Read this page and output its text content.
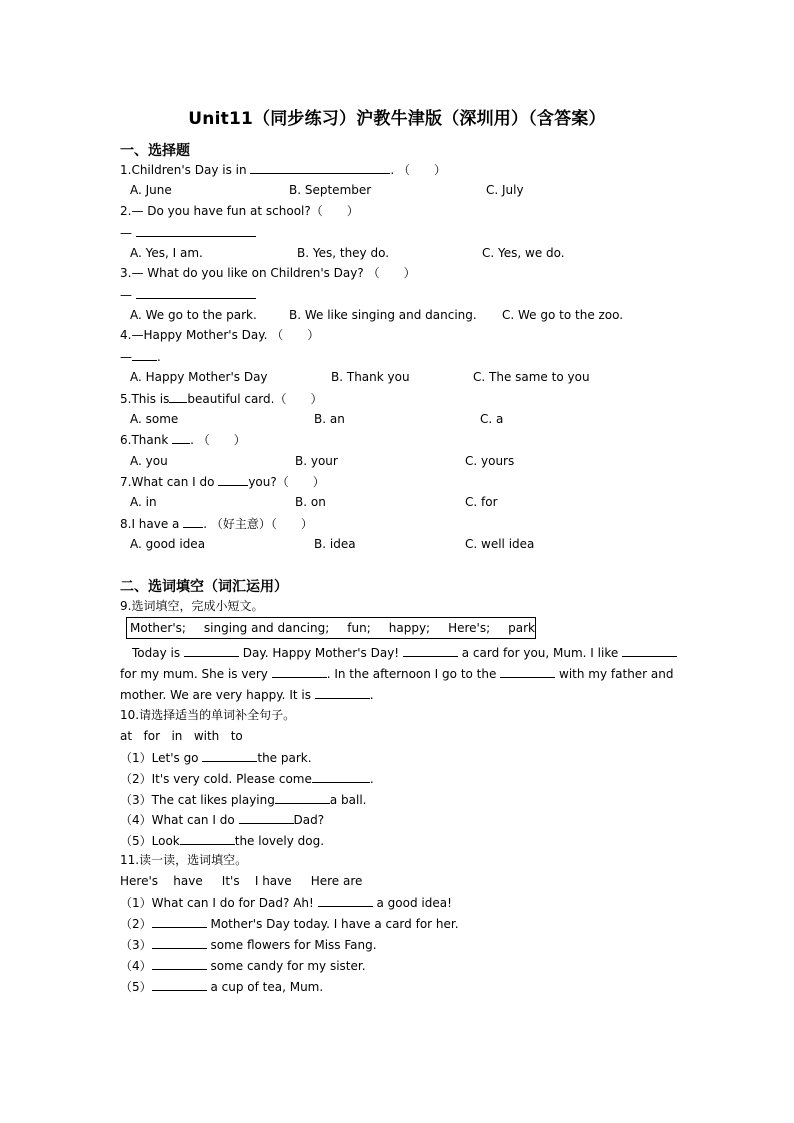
Unit11（同步练习）沪教牛津版（深圳用）（含答案）
一、选择题
1.Children's Day is in	. （　　）
A. June	B. September	C. July
2.— Do you have fun at school?（　　）
—
A. Yes, I am.	B. Yes, they do.	C. Yes, we do.
3.— What do you like on Children's Day? （　　）
—
A. We go to the park.	B. We like singing and dancing. C. We go to the zoo.
4.—Happy Mother's Day. （　　）
— .
A. Happy Mother's Day	B. Thank you	C. The same to you
5.This is beautiful card.（　　）
A. some	B. an	C. a
6.Thank . （　　）
A. you	B. your	C. yours
7.What can I do	you?（　　）
A. in	B. on	C. for
8.I have a . （好主意）（　　）
A. good idea	B. idea	C. well idea
二、选词填空（词汇运用）
9.选词填空，完成小短文。
Mother's; singing and dancing; fun; happy; Here's; park
Today is	Day. Happy Mother's Day!	a card for you, Mum. I like
for my mum. She is very	. In the afternoon I go to the	with my father and
mother. We are very happy. It is	.
10.请选择适当的单词补全句子。
at   for   in   with   to
（1）Let's go	the park.
（2）It's very cold. Please come	.
（3）The cat likes playing	a ball.
（4）What can I do	Dad?
（5）Look	the lovely dog.
11.读一读，选词填空。
Here's    have     It's    I have     Here are
（1）What can I do for Dad? Ah!	a good idea!
（2）	Mother's Day today. I have a card for her.
（3）	some flowers for Miss Fang.
（4）	some candy for my sister.
（5）	a cup of tea, Mum.
